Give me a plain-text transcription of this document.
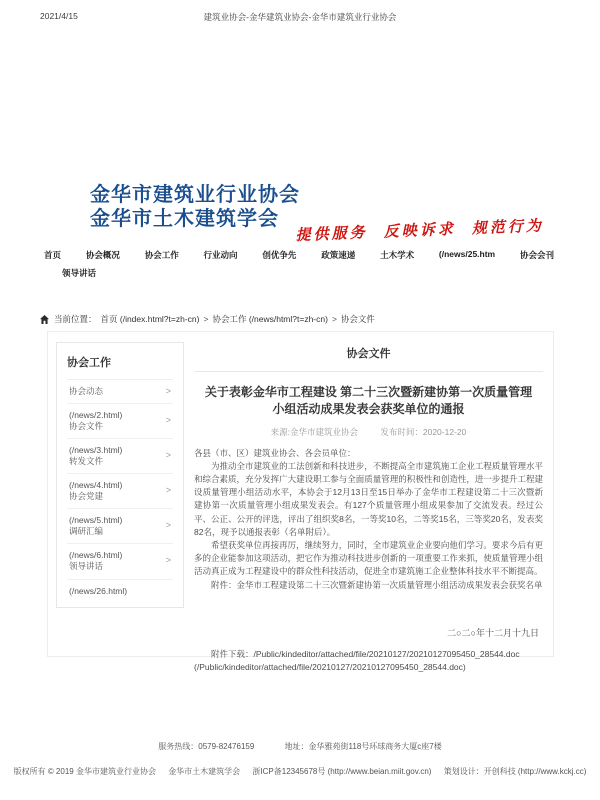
2021/4/15	建筑业协会-金华建筑业协会-金华市建筑业行业协会
金华市建筑业行业协会
金华市土木建筑学会	提供服务 反映诉求 规范行为
首页	协会概况	协会工作	行业动向	创优争先	政策速递	土木学术	(/news/25.htm	协会会刊
领导讲话
当前位置： 首页 (/index.html?t=zh-cn) > 协会工作 (/news/html?t=zh-cn) > 协会文件
协会工作
协会动态	>
(/news/2.html)
协会文件
>
(/news/3.html)
转发文件
>
(/news/4.html)
协会党建
>
(/news/5.html)
调研汇编
>
(/news/6.html)
领导讲话
>
(/news/26.html)
协会文件
关于表彰金华市工程建设 第二十三次暨新建协第一次质量管理小组活动成果发表会获奖单位的通报
来源:金华市建筑业协会	发布时间：2020-12-20

各县（市、区）建筑业协会、各会员单位：

为推动全市建筑业的工法创新和科技进步，不断提高全市建筑施工企业工程质量管理水平和综合素质，充分发挥广大建设职工参与全面质量管理的积极性和创造性，进一步提升工程建设质量管理小组活动水平，本协会于12月13日至15日举办了金华市工程建设第二十三次暨新建协第一次质量管理小组成果发表会。有127个质量管理小组成果参加了交流发表。经过公平、公正、公开的评选，评出了组织奖8名，一等奖10名，二等奖15名，三等奖20名，发表奖82名，现予以通报表彰（名单附后）。

希望获奖单位再接再厉，继续努力，同时，全市建筑业企业要向他们学习。要求今后有更多的企业能参加这项活动，把它作为推动科技进步创新的一项重要工作来抓，使质量管理小组活动真正成为工程建设中的群众性科技活动，促进全市建筑施工企业整体科技水平不断提高。

附件：金华市工程建设第二十三次暨新建协第一次质量管理小组活动成果发表会获奖名单

二○二○年十二月十九日
附件下载：/Public/kindeditor/attached/file/20210127/20210127095450_28544.doc
(/Public/kindeditor/attached/file/20210127/20210127095450_28544.doc)
服务热线：0579-82476159	地址：金华雅苑街118号环球商务大厦c座7楼
版权所有 © 2019 金华市建筑业行业协会 金华市土木建筑学会 浙ICP备12345678号 (http://www.beian.miit.gov.cn) 策划设计：开创科技 (http://www.kckj.cc)
